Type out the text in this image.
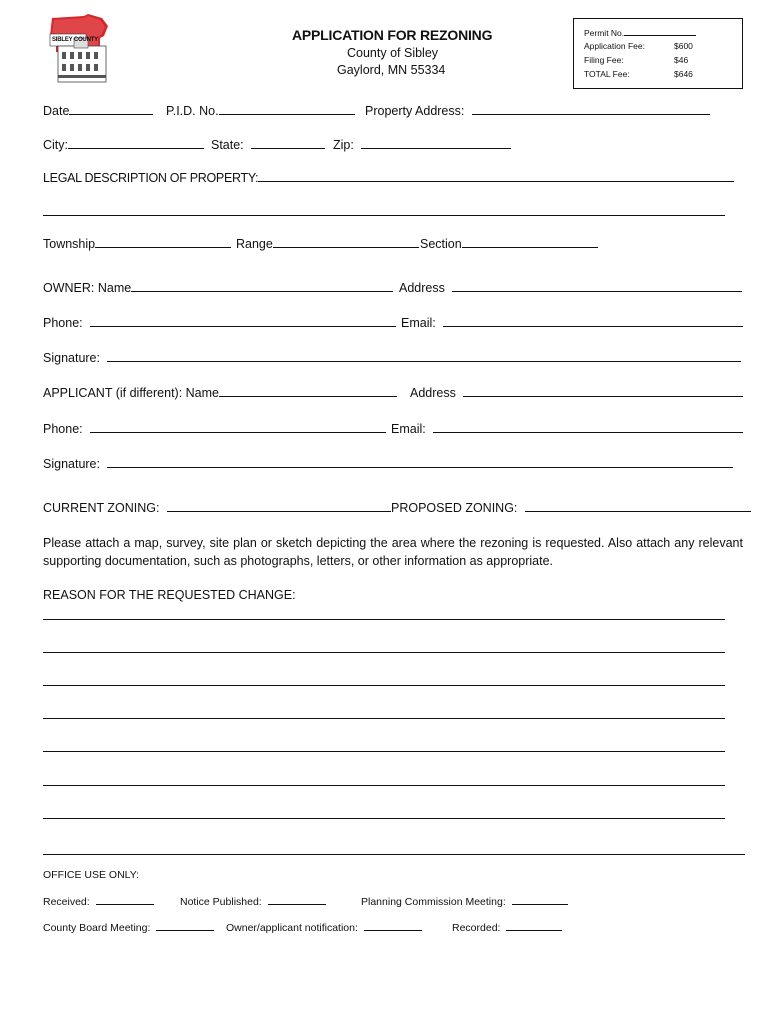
SIBLEY COUNTY	APPLICATION FOR REZONING
County of Sibley
Gaylord, MN 55334
Permit No.
Application Fee:	$600
Filing Fee:	$46
TOTAL Fee:	$646
Date	P.I.D. No.	Property Address:
City:	State:	Zip:
LEGAL DESCRIPTION OF PROPERTY:
Township	Range	Section
OWNER: Name	Address
Phone:	Email:
Signature:
APPLICANT (if different): Name	Address
Phone:	Email:
Signature:
CURRENT ZONING:	PROPOSED ZONING:
Please attach a map, survey, site plan or sketch depicting the area where the rezoning is requested. Also attach any relevant supporting documentation, such as photographs, letters, or other information as appropriate.
REASON FOR THE REQUESTED CHANGE:
OFFICE USE ONLY:
Received:	Notice Published:	Planning Commission Meeting:
County Board Meeting:	Owner/applicant notification:	Recorded:
